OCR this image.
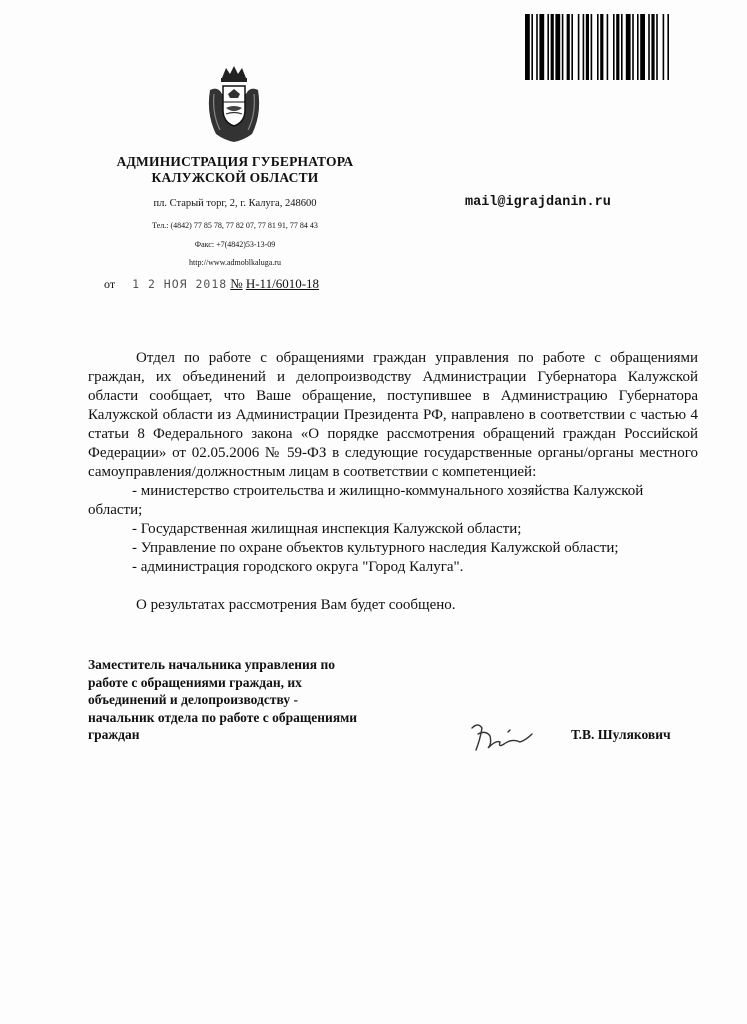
АДМИНИСТРАЦИЯ ГУБЕРНАТОРА
КАЛУЖСКОЙ ОБЛАСТИ
пл. Старый торг, 2, г. Калуга, 248600
Тел.: (4842) 77 85 78, 77 82 07, 77 81 91, 77 84 43
Факс: +7(4842)53-13-09
http://www.admoblkaluga.ru
от 1 2 НОЯ 2018 № Н-11/6010-18
mail@igrajdanin.ru

Отдел по работе с обращениями граждан управления по работе с обращениями граждан, их объединений и делопроизводству Администрации Губернатора Калужской области сообщает, что Ваше обращение, поступившее в Администрацию Губернатора Калужской области из Администрации Президента РФ, направлено в соответствии с частью 4 статьи 8 Федерального закона «О порядке рассмотрения обращений граждан Российской Федерации» от 02.05.2006 № 59-ФЗ в следующие государственные органы/органы местного самоуправления/должностным лицам в соответствии с компетенцией:

- министерство строительства и жилищно-коммунального хозяйства Калужской области;

- Государственная жилищная инспекция Калужской области;

- Управление по охране объектов культурного наследия Калужской области;

- администрация городского округа "Город Калуга".

О результатах рассмотрения Вам будет сообщено.

Заместитель начальника управления по
работе с обращениями граждан, их
объединений и делопроизводству -
начальник отдела по работе с обращениями
граждан	Т.В. Шулякович
